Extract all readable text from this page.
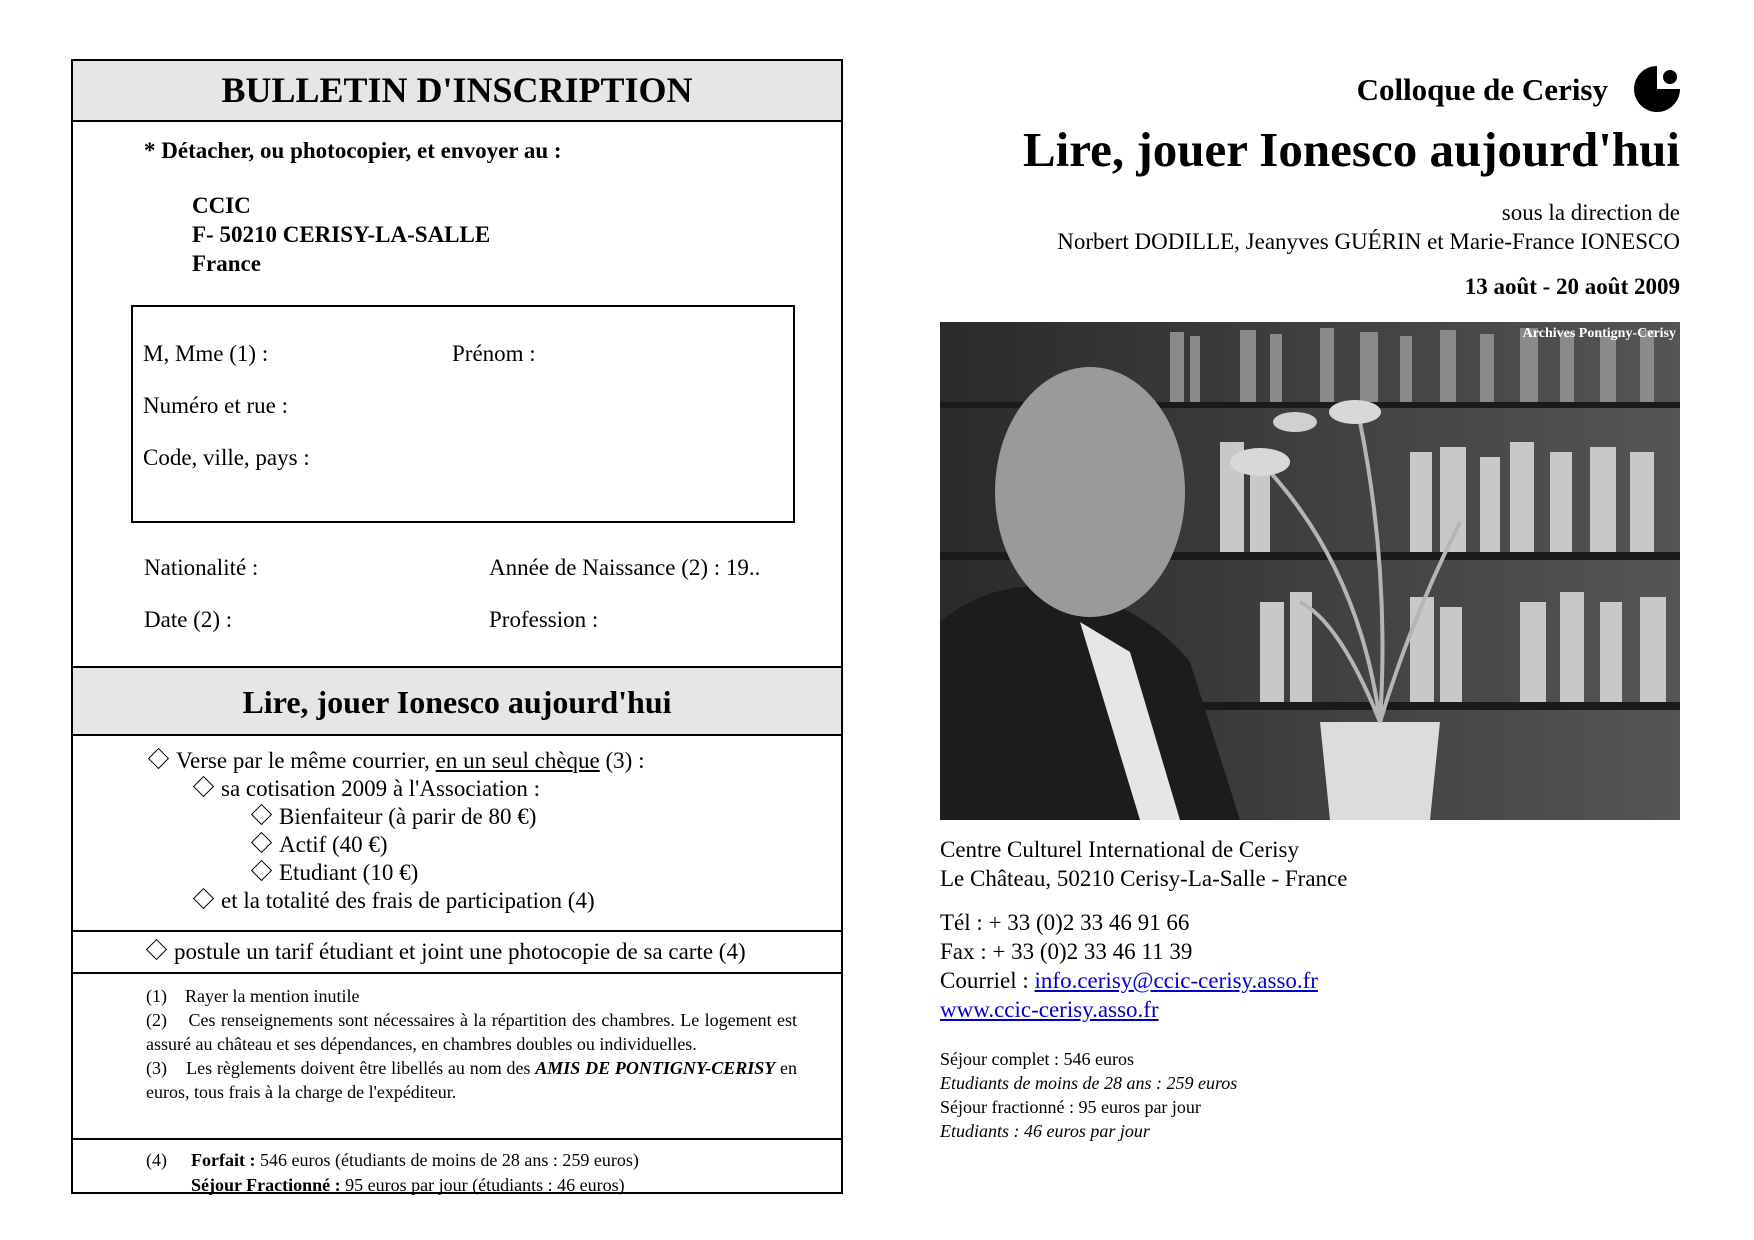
BULLETIN D'INSCRIPTION
* Détacher, ou photocopier, et envoyer au :
CCIC
F- 50210 CERISY-LA-SALLE
France
M, Mme (1) :	Prénom :
Numéro et rue :
Code, ville, pays :
Nationalité :	Année de Naissance (2) : 19..
Date (2) :	Profession :
Lire, jouer Ionesco aujourd'hui
Verse par le même courrier, en un seul chèque (3) :
sa cotisation 2009 à l'Association :
Bienfaiteur (à parir de 80 €)
Actif (40 €)
Etudiant (10 €)
et la totalité des frais de participation (4)
postule un tarif étudiant et joint une photocopie de sa carte (4)

(1)    Rayer la mention inutile

(2)    Ces renseignements sont nécessaires à la répartition des chambres. Le logement est assuré au château et ses dépendances, en chambres doubles ou individuelles.

(3)    Les règlements doivent être libellés au nom des AMIS DE PONTIGNY-CERISY en euros, tous frais à la charge de l'expéditeur.

(4) Forfait : 546 euros (étudiants de moins de 28 ans : 259 euros)
Séjour Fractionné : 95 euros par jour (étudiants : 46 euros)
Colloque de Cerisy
Lire, jouer Ionesco aujourd'hui
sous la direction de
Norbert DODILLE, Jeanyves GUÉRIN et Marie-France IONESCO
13 août - 20 août 2009
Archives Pontigny-Cerisy
Centre Culturel International de Cerisy
Le Château, 50210 Cerisy-La-Salle - France
Tél : + 33 (0)2 33 46 91 66
Fax : + 33 (0)2 33 46 11 39
Courriel : info.cerisy@ccic-cerisy.asso.fr
www.ccic-cerisy.asso.fr
Séjour complet : 546 euros
Etudiants de moins de 28 ans : 259 euros
Séjour fractionné : 95 euros par jour
Etudiants : 46 euros par jour
